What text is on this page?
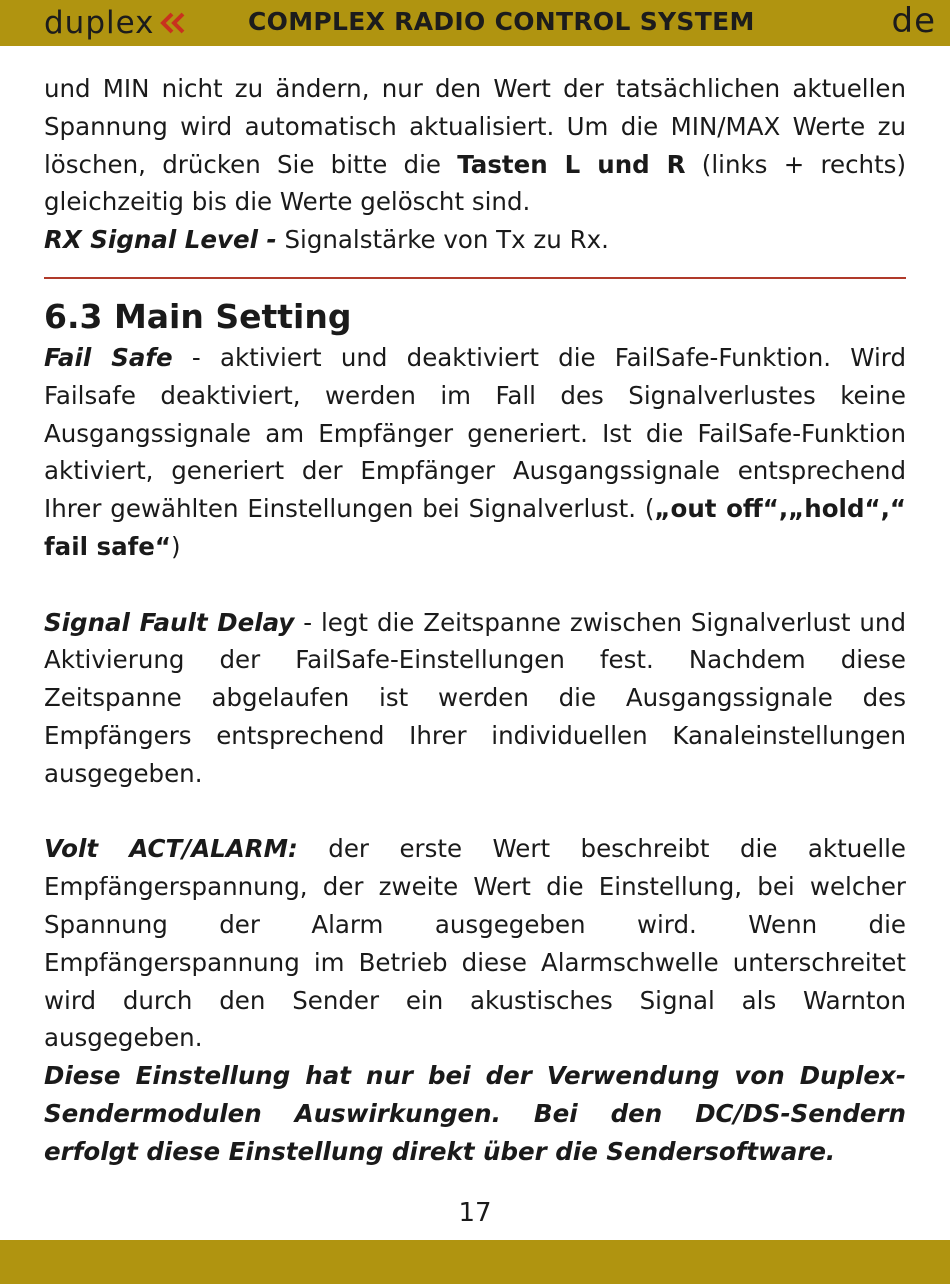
duplex	COMPLEX RADIO CONTROL SYSTEM	de

und MIN nicht zu ändern, nur den Wert der tatsächlichen aktuellen Spannung wird automatisch aktualisiert. Um die MIN/MAX Werte zu löschen, drücken Sie bitte die Tasten L und R (links + rechts) gleichzeitig bis die Werte gelöscht sind.

RX Signal Level - Signalstärke von Tx zu Rx.

6.3 Main Setting

Fail Safe - aktiviert und deaktiviert die FailSafe-Funktion. Wird Failsafe deaktiviert, werden im Fall des Signalverlustes keine Ausgangssignale am Empfänger generiert. Ist die FailSafe-Funktion aktiviert, generiert der Empfänger Ausgangssignale entsprechend Ihrer gewählten Einstellungen bei Signalverlust. („out off“,„hold“,“ fail safe“)

Signal Fault Delay - legt die Zeitspanne zwischen Signalverlust und Aktivierung der FailSafe-Einstellungen fest. Nachdem diese Zeitspanne abgelaufen ist werden die Ausgangssignale des Empfängers entsprechend Ihrer individuellen Kanaleinstellungen ausgegeben.

Volt ACT/ALARM: der erste Wert beschreibt die aktuelle Empfängerspannung, der zweite Wert die Einstellung, bei welcher Spannung der Alarm ausgegeben wird. Wenn die Empfängerspannung im Betrieb diese Alarmschwelle unterschreitet wird durch den Sender ein akustisches Signal als Warnton ausgegeben.

Diese Einstellung hat nur bei der Verwendung von Duplex-Sendermodulen Auswirkungen. Bei den DC/DS-Sendern erfolgt diese Einstellung direkt über die Sendersoftware.

17
